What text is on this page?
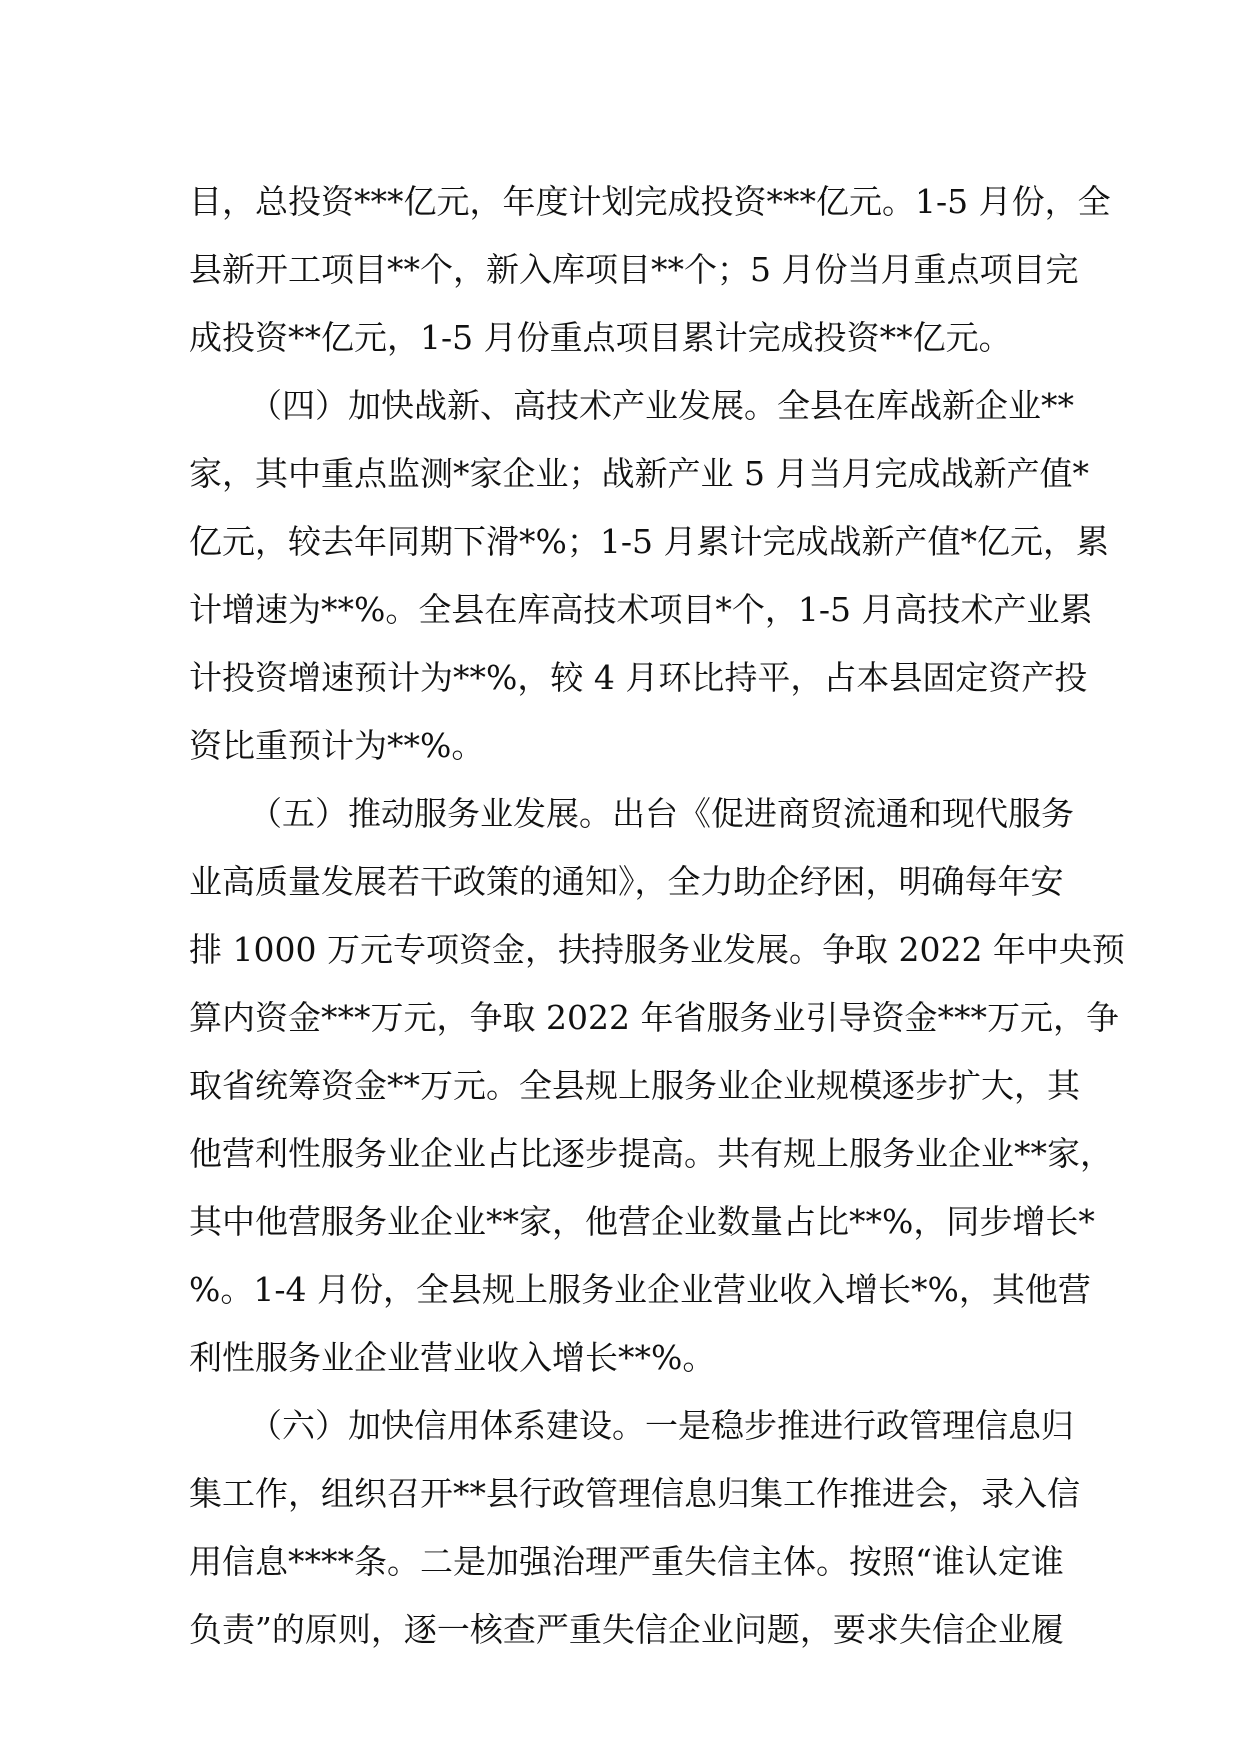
目，总投资***亿元，年度计划完成投资***亿元。1-5 月份，全
县新开工项目**个，新入库项目**个；5 月份当月重点项目完
成投资**亿元，1-5 月份重点项目累计完成投资**亿元。
（四）加快战新、高技术产业发展。全县在库战新企业**
家，其中重点监测*家企业；战新产业 5 月当月完成战新产值*
亿元，较去年同期下滑*%；1-5 月累计完成战新产值*亿元，累
计增速为**%。全县在库高技术项目*个，1-5 月高技术产业累
计投资增速预计为**%，较 4 月环比持平，占本县固定资产投
资比重预计为**%。
（五）推动服务业发展。出台《促进商贸流通和现代服务
业高质量发展若干政策的通知》，全力助企纾困，明确每年安
排 1000 万元专项资金，扶持服务业发展。争取 2022 年中央预
算内资金***万元，争取 2022 年省服务业引导资金***万元，争
取省统筹资金**万元。全县规上服务业企业规模逐步扩大，其
他营利性服务业企业占比逐步提高。共有规上服务业企业**家，
其中他营服务业企业**家，他营企业数量占比**%，同步增长*
%。1-4 月份，全县规上服务业企业营业收入增长*%，其他营
利性服务业企业营业收入增长**%。
（六）加快信用体系建设。一是稳步推进行政管理信息归
集工作，组织召开**县行政管理信息归集工作推进会，录入信
用信息****条。二是加强治理严重失信主体。按照“谁认定谁
负责”的原则，逐一核查严重失信企业问题，要求失信企业履
